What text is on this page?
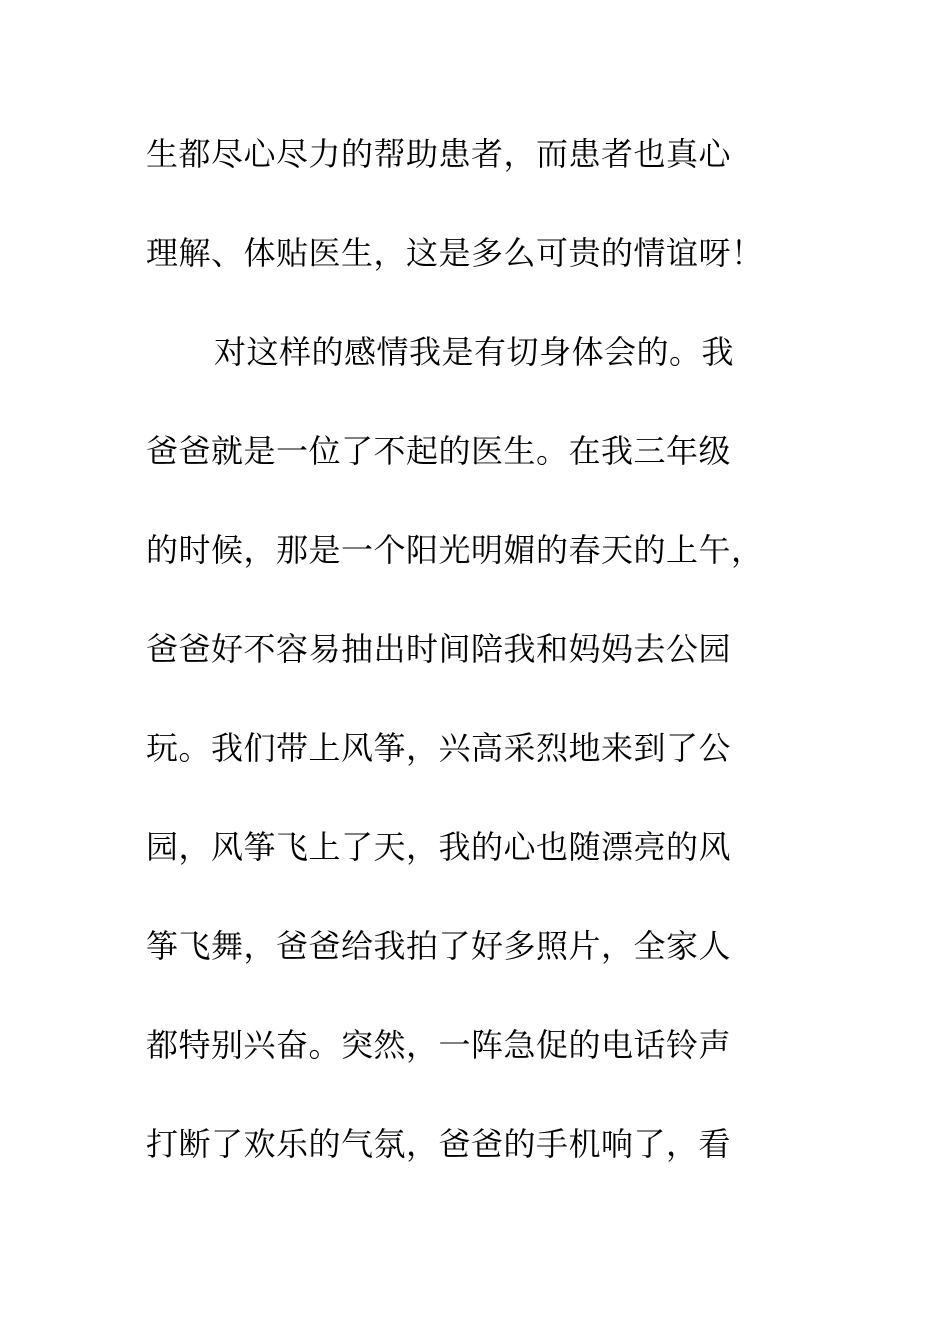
生都尽心尽力的帮助患者，而患者也真心
理解、体贴医生，这是多么可贵的情谊呀！
对这样的感情我是有切身体会的。我
爸爸就是一位了不起的医生。在我三年级
的时候，那是一个阳光明媚的春天的上午，
爸爸好不容易抽出时间陪我和妈妈去公园
玩。我们带上风筝，兴高采烈地来到了公
园，风筝飞上了天，我的心也随漂亮的风
筝飞舞，爸爸给我拍了好多照片，全家人
都特别兴奋。突然，一阵急促的电话铃声
打断了欢乐的气氛，爸爸的手机响了，看
